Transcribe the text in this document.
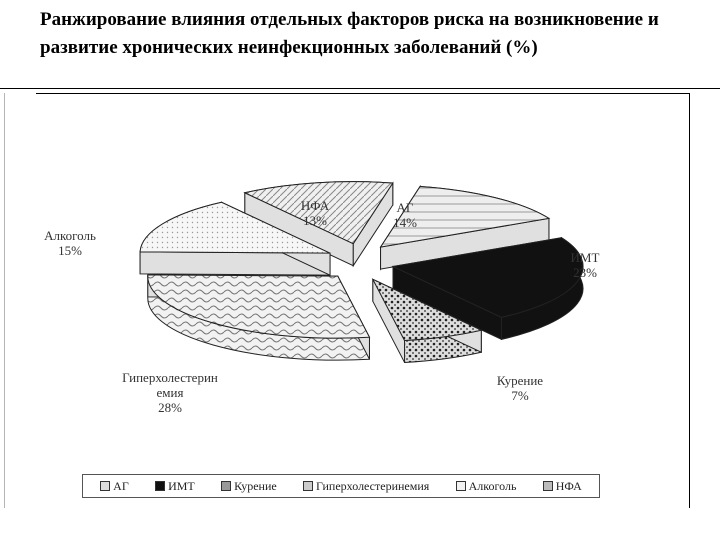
Ранжирование влияния отдельных факторов риска на возникновение и развитие хронических неинфекционных заболеваний (%)
АГ 14%
ИМТ 23%
Курение 7%
Гиперхолестерин емия 28%
Алкоголь 15%
НФА 13%
АГ	ИМТ	Курение	Гиперхолестеринемия	Алкоголь	НФА
